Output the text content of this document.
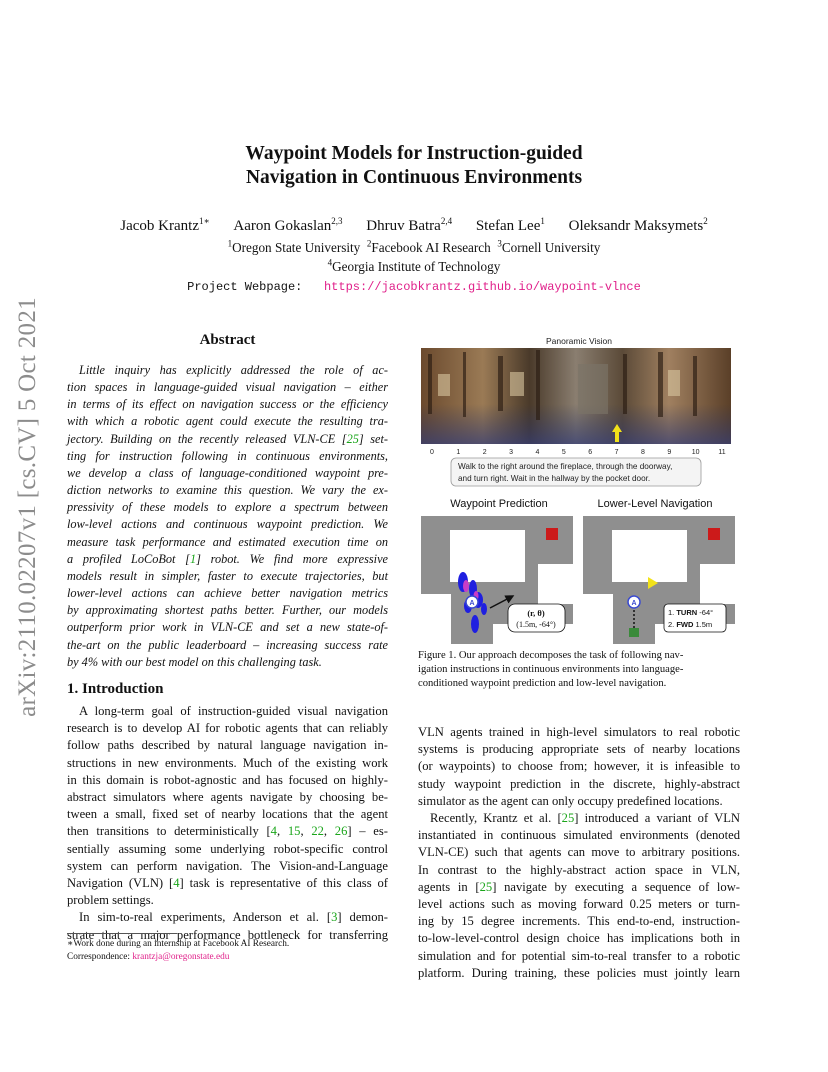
Waypoint Models for Instruction-guided
Navigation in Continuous Environments
Jacob Krantz$^{1∗}$ Aaron Gokaslan$^{2,3}$ Dhruv Batra$^{2,4}$ Stefan Lee$^1$ Oleksandr Maksymets$^2$
$^1$Oregon State University $^2$Facebook AI Research $^3$Cornell University
$^4$Georgia Institute of Technology
Project Webpage: https://jacobkrantz.github.io/waypoint-vlnce
arXiv:2110.02207v1 [cs.CV] 5 Oct 2021	Abstract
Little inquiry has explicitly addressed the role of ac-
tion spaces in language-guided visual navigation – either
in terms of its effect on navigation success or the efficiency
with which a robotic agent could execute the resulting tra-
jectory. Building on the recently released VLN-CE [25] set-
ting for instruction following in continuous environments,
we develop a class of language-conditioned waypoint pre-
diction networks to examine this question. We vary the ex-
pressivity of these models to explore a spectrum between
low-level actions and continuous waypoint prediction. We
measure task performance and estimated execution time on
a profiled LoCoBot [1] robot. We find more expressive
models result in simpler, faster to execute trajectories, but
lower-level actions can achieve better navigation metrics
by approximating shortest paths better. Further, our models
outperform prior work in VLN-CE and set a new state-of-
the-art on the public leaderboard – increasing success rate
by 4% with our best model on this challenging task.
1. Introduction
A long-term goal of instruction-guided visual navigation
research is to develop AI for robotic agents that can reliably
follow paths described by natural language navigation in-
structions in new environments. Much of the existing work
in this domain is robot-agnostic and has focused on highly-
abstract simulators where agents navigate by choosing be-
tween a small, fixed set of nearby locations that the agent
then transitions to deterministically [4, 15, 22, 26] – es-
sentially assuming some underlying robot-specific control
system can perform navigation. The Vision-and-Language
Navigation (VLN) [4] task is representative of this class of
problem settings.
In sim-to-real experiments, Anderson et al. [3] demon-
strate that a major performance bottleneck for transferring
∗Work done during an internship at Facebook AI Research.
Correspondence: krantzja@oregonstate.edu
Panoramic Vision
0	1	2	3	4	5	6	7	8	9	10	11
Walk to the right around the fireplace, through the doorway,
and turn right. Wait in the hallway by the pocket door.
Waypoint Prediction	Lower-Level Navigation
(r, θ)
(1.5m, -64°)
A
1. TURN -64°
2. FWD 1.5m
A
Figure 1. Our approach decomposes the task of following nav-
igation instructions in continuous environments into language-
conditioned waypoint prediction and low-level navigation.
VLN agents trained in high-level simulators to real robotic
systems is producing appropriate sets of nearby locations
(or waypoints) to choose from; however, it is infeasible to
study waypoint prediction in the discrete, highly-abstract
simulator as the agent can only occupy predefined locations.
Recently, Krantz et al. [25] introduced a variant of VLN
instantiated in continuous simulated environments (denoted
VLN-CE) such that agents can move to arbitrary positions.
In contrast to the highly-abstract action space in VLN,
agents in [25] navigate by executing a sequence of low-
level actions such as moving forward 0.25 meters or turn-
ing by 15 degree increments. This end-to-end, instruction-
to-low-level-control design choice has implications both in
simulation and for potential sim-to-real transfer to a robotic
platform. During training, these policies must jointly learn
